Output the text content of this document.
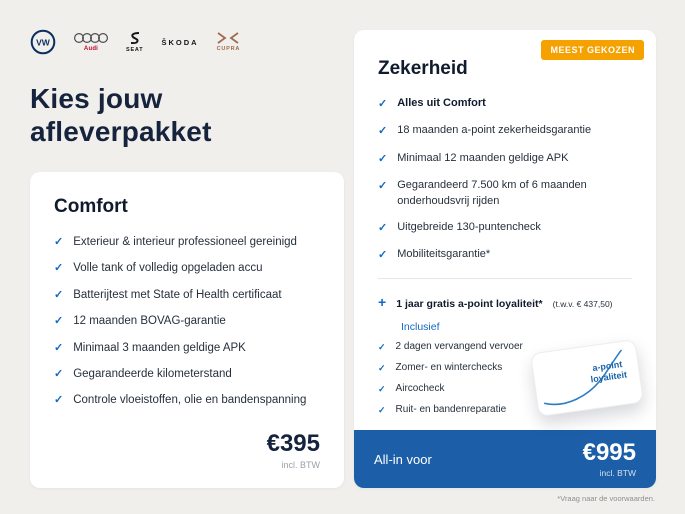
VW
Audi	SEAT
ŠKODA
CUPRA
Kies jouw
afleverpakket
Comfort
✓ Exterieur & interieur professioneel gereinigd
✓ Volle tank of volledig opgeladen accu
✓ Batterijtest met State of Health certificaat
✓ 12 maanden BOVAG-garantie
✓ Minimaal 3 maanden geldige APK
✓ Gegarandeerde kilometerstand
✓ Controle vloeistoffen, olie en bandenspanning
€395
incl. BTW
MEEST GEKOZEN
Zekerheid
✓ Alles uit Comfort
✓ 18 maanden a-point zekerheidsgarantie
✓ Minimaal 12 maanden geldige APK
✓ Gegarandeerd 7.500 km of 6 maanden onderhoudsvrij rijden
✓ Uitgebreide 130-puntencheck
✓ Mobiliteitsgarantie*
+ 1 jaar gratis a-point loyaliteit* (t.w.v. € 437,50)
Inclusief
✓ 2 dagen vervangend vervoer
✓ Zomer- en winterchecks
✓ Aircocheck
✓ Ruit- en bandenreparatie
a-point
loyaliteit
All-in voor	€995
incl. BTW
*Vraag naar de voorwaarden.
